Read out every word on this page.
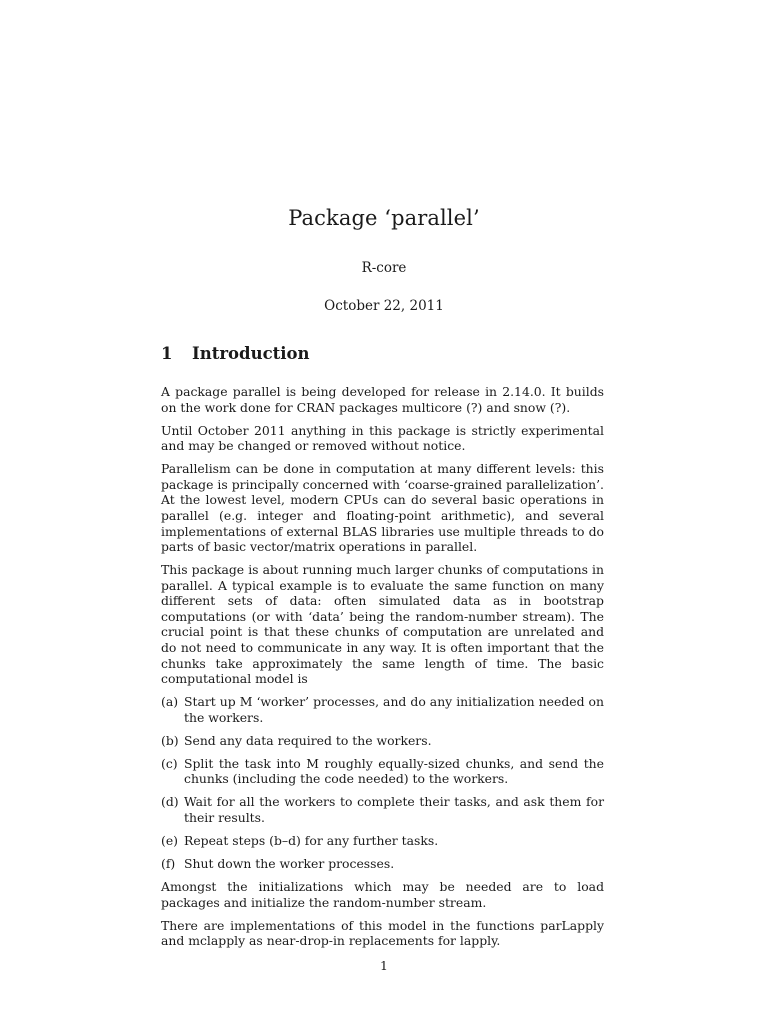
Package ‘parallel’
R-core
October 22, 2011
1 Introduction

A package parallel is being developed for release in 2.14.0. It builds on the work done for CRAN packages multicore (?) and snow (?).

Until October 2011 anything in this package is strictly experimental and may be changed or removed without notice.

Parallelism can be done in computation at many different levels: this package is principally concerned with ‘coarse-grained parallelization’. At the lowest level, modern CPUs can do several basic operations in parallel (e.g. integer and floating-point arithmetic), and several implementations of external BLAS libraries use multiple threads to do parts of basic vector/matrix operations in parallel.

This package is about running much larger chunks of computations in parallel. A typical example is to evaluate the same function on many different sets of data: often simulated data as in bootstrap computations (or with ‘data’ being the random-number stream). The crucial point is that these chunks of computation are unrelated and do not need to communicate in any way. It is often important that the chunks take approximately the same length of time. The basic computational model is

(a) Start up M ‘worker’ processes, and do any initialization needed on the workers.
(b) Send any data required to the workers.
(c) Split the task into M roughly equally-sized chunks, and send the chunks (including the code needed) to the workers.
(d) Wait for all the workers to complete their tasks, and ask them for their results.
(e) Repeat steps (b–d) for any further tasks.
(f) Shut down the worker processes.

Amongst the initializations which may be needed are to load packages and initialize the random-number stream.

There are implementations of this model in the functions parLapply and mclapply as near-drop-in replacements for lapply.

1
